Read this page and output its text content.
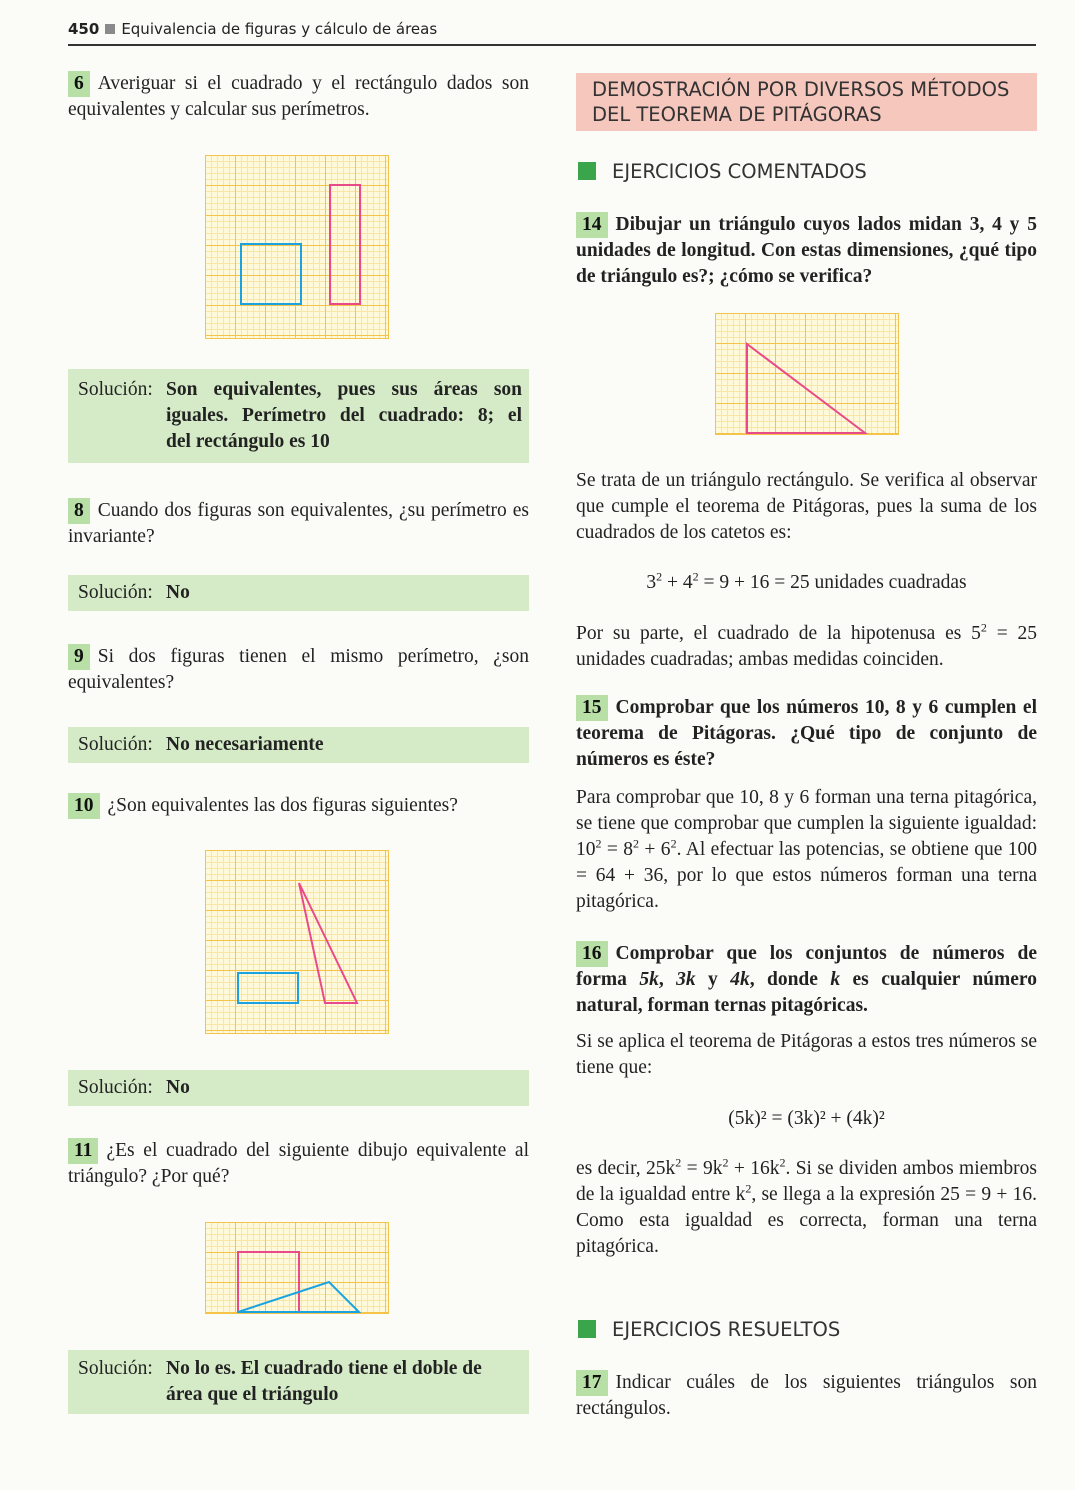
450 Equivalencia de figuras y cálculo de áreas
6 Averiguar si el cuadrado y el rectángulo dados son equivalentes y calcular sus perímetros.
Solución: Son equivalentes, pues sus áreas son
iguales. Perímetro del cuadrado: 8; el
del rectángulo es 10
8 Cuando dos figuras son equivalentes, ¿su perímetro es invariante?
Solución: No
9 Si dos figuras tienen el mismo perímetro, ¿son equivalentes?
Solución: No necesariamente
10 ¿Son equivalentes las dos figuras siguientes?
Solución: No
11 ¿Es el cuadrado del siguiente dibujo equivalente al triángulo? ¿Por qué?
Solución: No lo es. El cuadrado tiene el doble de
área que el triángulo
DEMOSTRACIÓN POR DIVERSOS MÉTODOS
DEL TEOREMA DE PITÁGORAS
EJERCICIOS COMENTADOS
14 Dibujar un triángulo cuyos lados midan 3, 4 y 5 unidades de longitud. Con estas dimensiones, ¿qué tipo de triángulo es?; ¿cómo se verifica?
Se trata de un triángulo rectángulo. Se verifica al observar que cumple el teorema de Pitágoras, pues la suma de los cuadrados de los catetos es:
$3^2 + 4^2 = 9 + 16 = 25$ unidades cuadradas
Por su parte, el cuadrado de la hipotenusa es $5^2 = 25$ unidades cuadradas; ambas medidas coinciden.
15 Comprobar que los números 10, 8 y 6 cumplen el teorema de Pitágoras. ¿Qué tipo de conjunto de números es éste?
Para comprobar que 10, 8 y 6 forman una terna pitagórica, se tiene que comprobar que cumplen la siguiente igualdad: $10^2 = 8^2 + 6^2$. Al efectuar las potencias, se obtiene que 100 = 64 + 36, por lo que estos números forman una terna pitagórica.
16 Comprobar que los conjuntos de números de forma 5k, 3k y 4k, donde k es cualquier número natural, forman ternas pitagóricas.
Si se aplica el teorema de Pitágoras a estos tres números se tiene que:
(5k)² = (3k)² + (4k)²
es decir, $25k^2 = 9k^2 + 16k^2$. Si se dividen ambos miembros de la igualdad entre $k^2$, se llega a la expresión 25 = 9 + 16. Como esta igualdad es correcta, forman una terna pitagórica.
EJERCICIOS RESUELTOS
17 Indicar cuáles de los siguientes triángulos son rectángulos.
